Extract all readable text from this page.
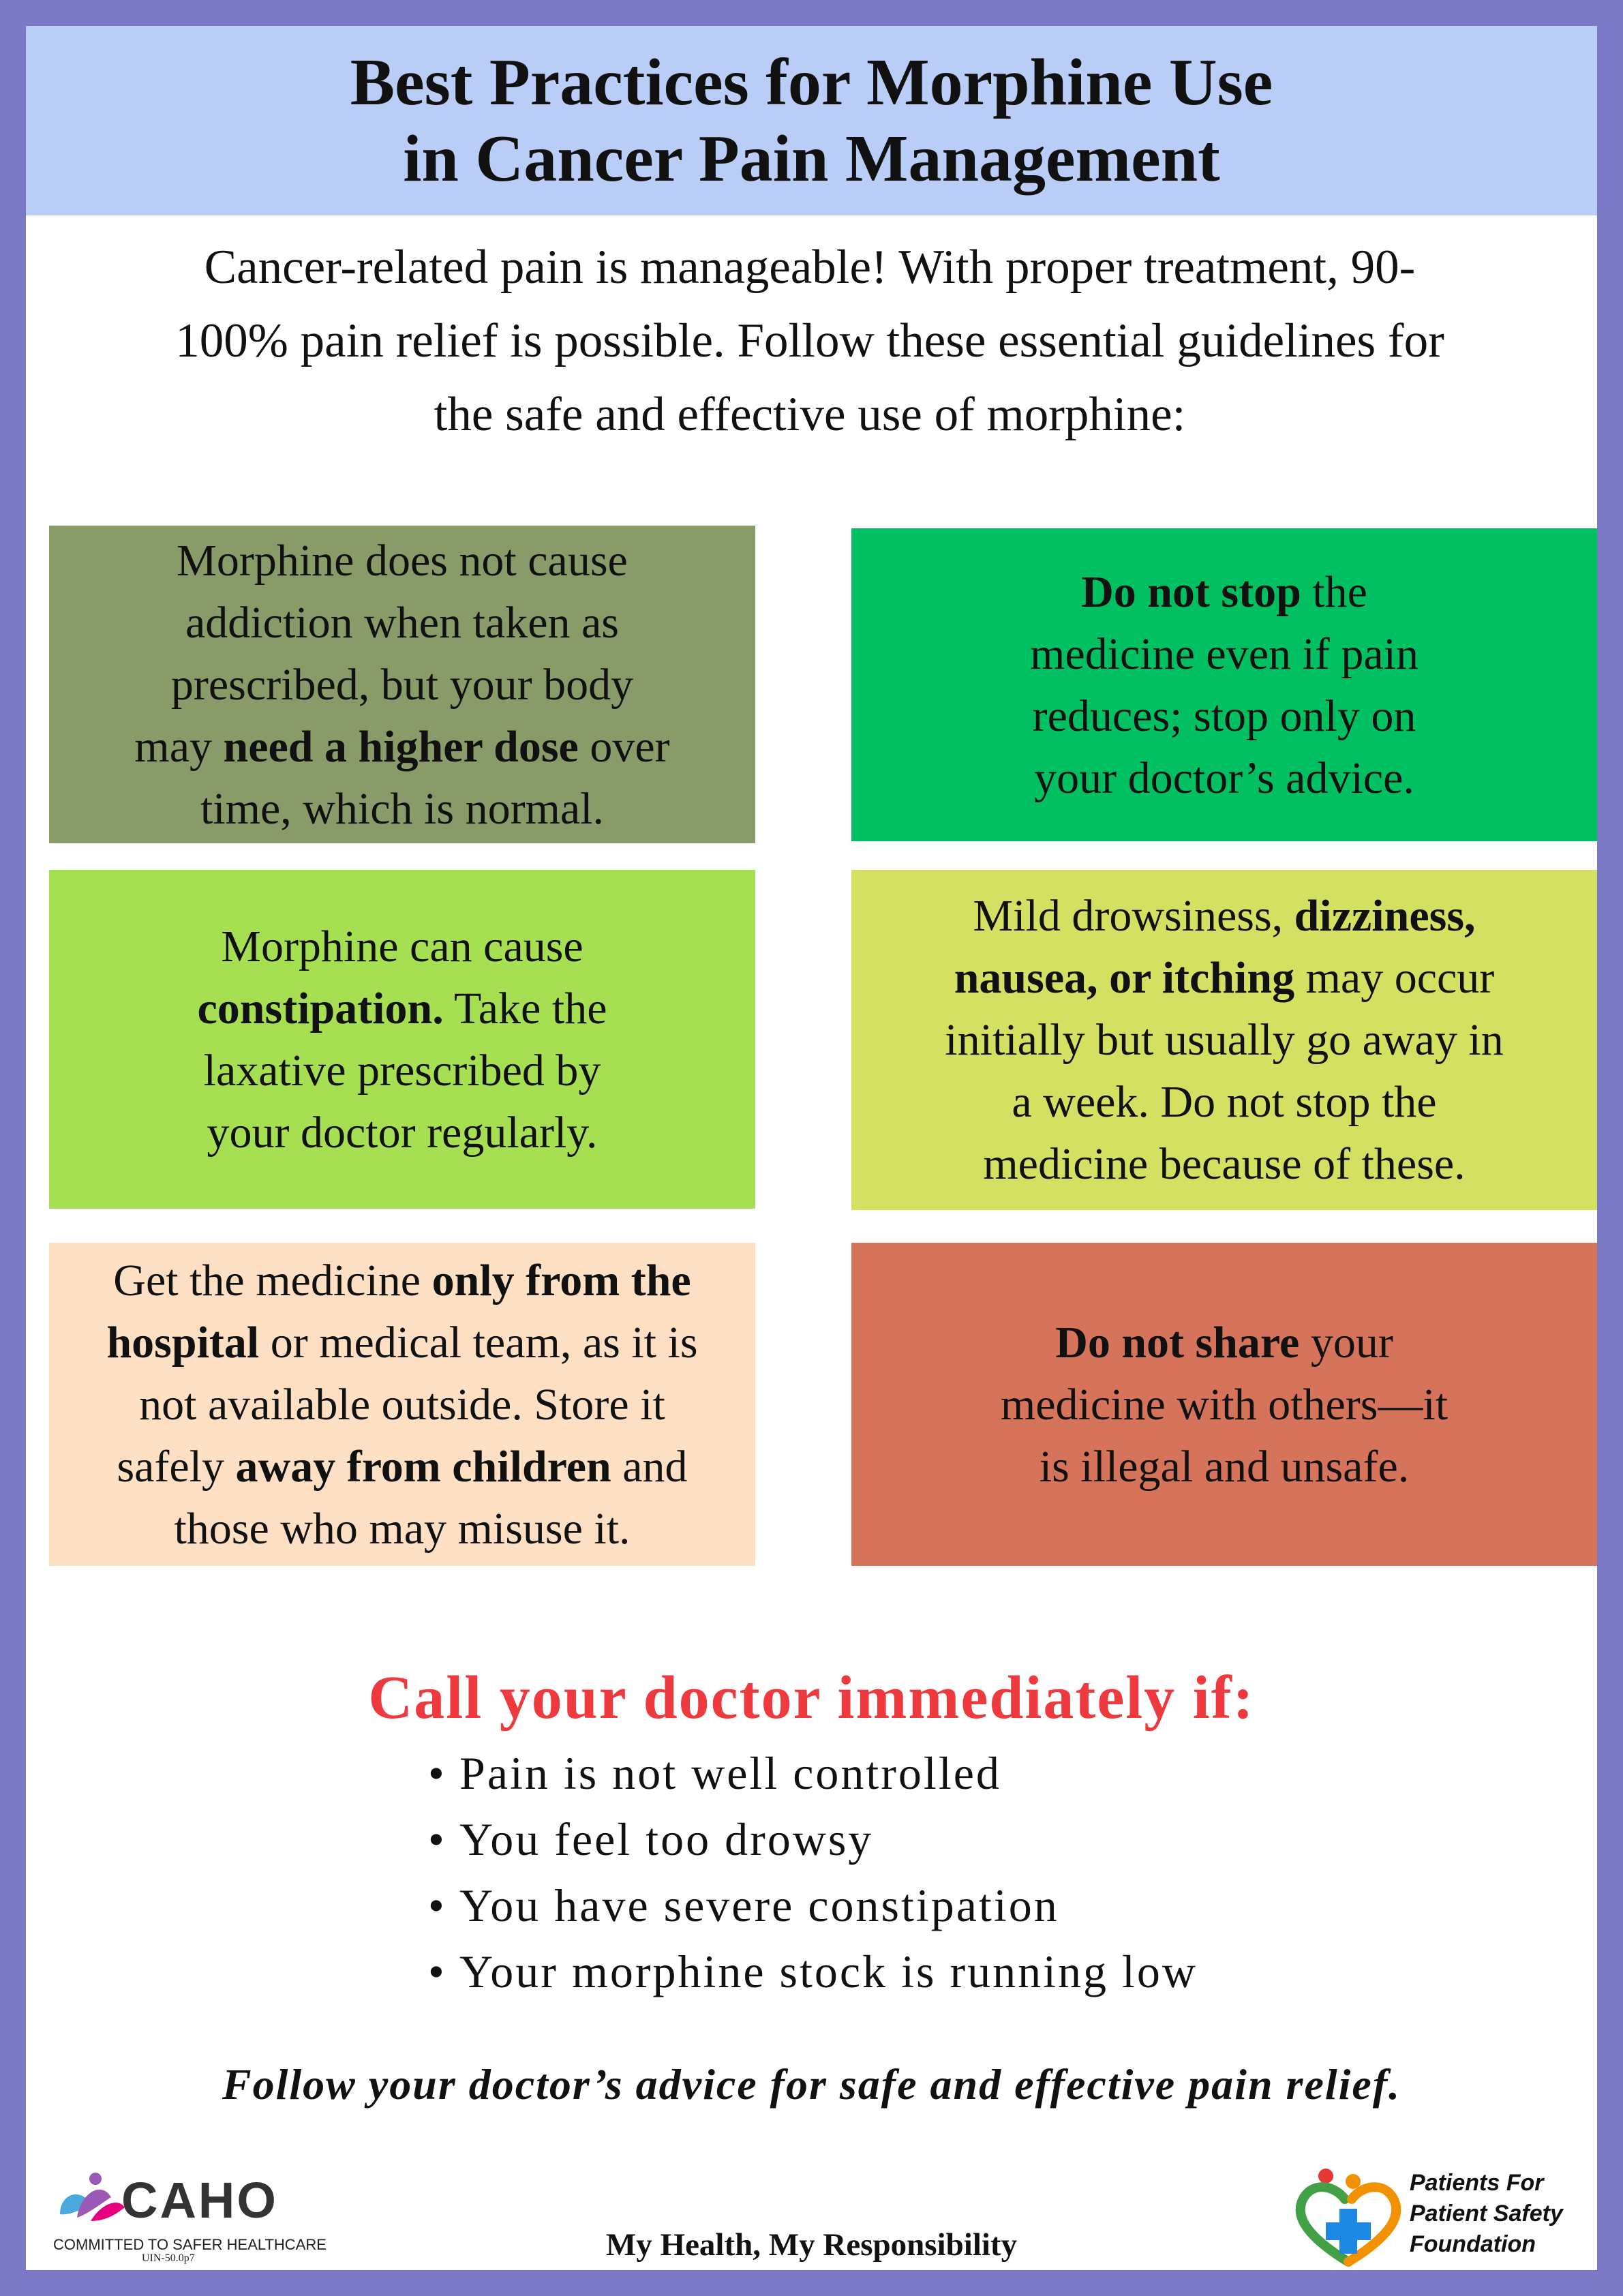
Best Practices for Morphine Use
in Cancer Pain Management
Cancer-related pain is manageable! With proper treatment, 90-
100% pain relief is possible. Follow these essential guidelines for
the safe and effective use of morphine:
Morphine does not cause
addiction when taken as
prescribed, but your body
may need a higher dose over
time, which is normal.
Do not stop the
medicine even if pain
reduces; stop only on
your doctor’s advice.
Morphine can cause
constipation. Take the
laxative prescribed by
your doctor regularly.
Mild drowsiness, dizziness,
nausea, or itching may occur
initially but usually go away in
a week. Do not stop the
medicine because of these.
Get the medicine only from the
hospital or medical team, as it is
not available outside. Store it
safely away from children and
those who may misuse it.
Do not share your
medicine with others—it
is illegal and unsafe.
Call your doctor immediately if:
• Pain is not well controlled
• You feel too drowsy
• You have severe constipation
• Your morphine stock is running low
Follow your doctor’s advice for safe and effective pain relief.
CAHO
COMMITTED TO SAFER HEALTHCARE
UIN-50.0p7	My Health, My Responsibility
Patients For
Patient Safety
Foundation
